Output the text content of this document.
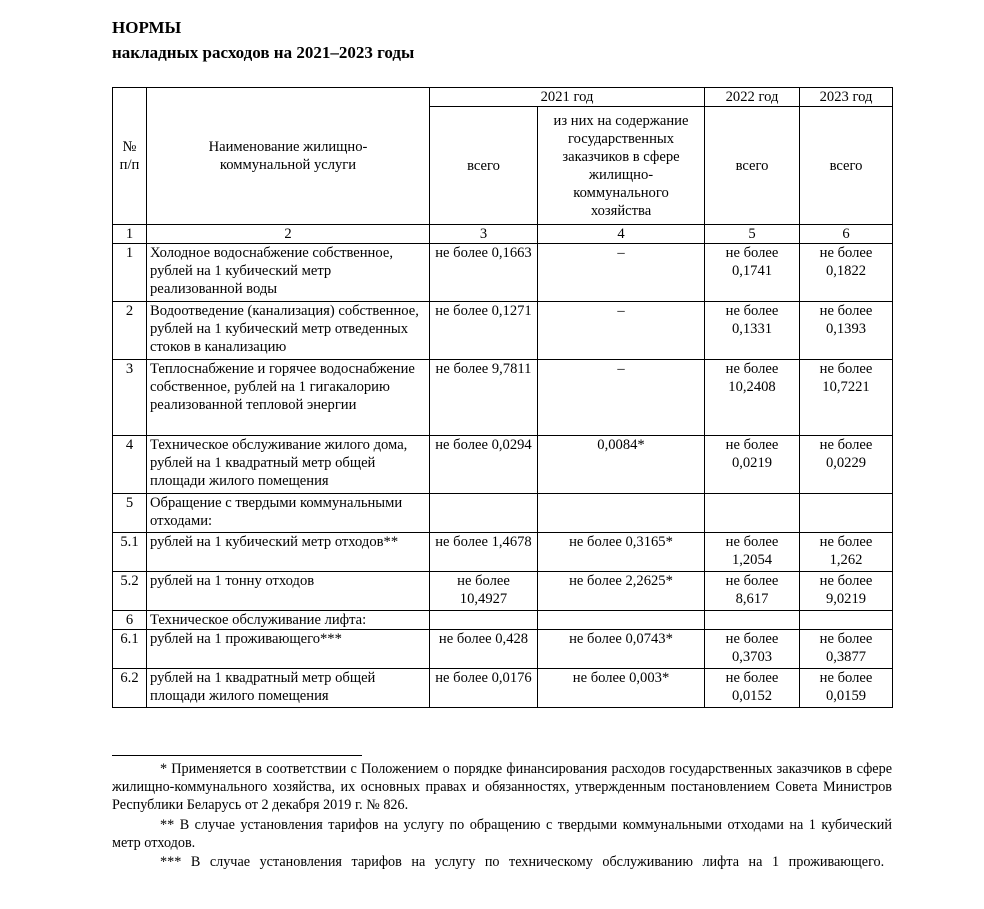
НОРМЫ
накладных расходов на 2021–2023 годы
№ п/п	Наименование жилищно-коммунальной услуги	2021 год		2022 год	2023 год
		всего	из них на содержание государственных заказчиков в сфере жилищно-коммунального хозяйства	всего	всего
1	2	3	4	5	6
1	Холодное водоснабжение собственное, рублей на 1 кубический метр реализованной воды	не более 0,1663	–	не более 0,1741	не более 0,1822
2	Водоотведение (канализация) собственное, рублей на 1 кубический метр отведенных стоков в канализацию	не более 0,1271	–	не более 0,1331	не более 0,1393
3	Теплоснабжение и горячее водоснабжение собственное, рублей на 1 гигакалорию реализованной тепловой энергии	не более 9,7811	–	не более 10,2408	не более 10,7221
4	Техническое обслуживание жилого дома, рублей на 1 квадратный метр общей площади жилого помещения	не более 0,0294	0,0084*	не более 0,0219	не более 0,0229
5	Обращение с твердыми коммунальными отходами:				
5.1	рублей на 1 кубический метр отходов**	не более 1,4678	не более 0,3165*	не более 1,2054	не более 1,262
5.2	рублей на 1 тонну отходов	не более 10,4927	не более 2,2625*	не более 8,617	не более 9,0219
6	Техническое обслуживание лифта:				
6.1	рублей на 1 проживающего***	не более 0,428	не более 0,0743*	не более 0,3703	не более 0,3877
6.2	рублей на 1 квадратный метр общей площади жилого помещения	не более 0,0176	не более 0,003*	не более 0,0152	не более 0,0159
* Применяется в соответствии с Положением о порядке финансирования расходов государственных заказчиков в сфере жилищно-коммунального хозяйства, их основных правах и обязанностях, утвержденным постановлением Совета Министров Республики Беларусь от 2 декабря 2019 г. № 826.
** В случае установления тарифов на услугу по обращению с твердыми коммунальными отходами на 1 кубический метр отходов.
*** В случае установления тарифов на услугу по техническому обслуживанию лифта на 1 проживающего.
